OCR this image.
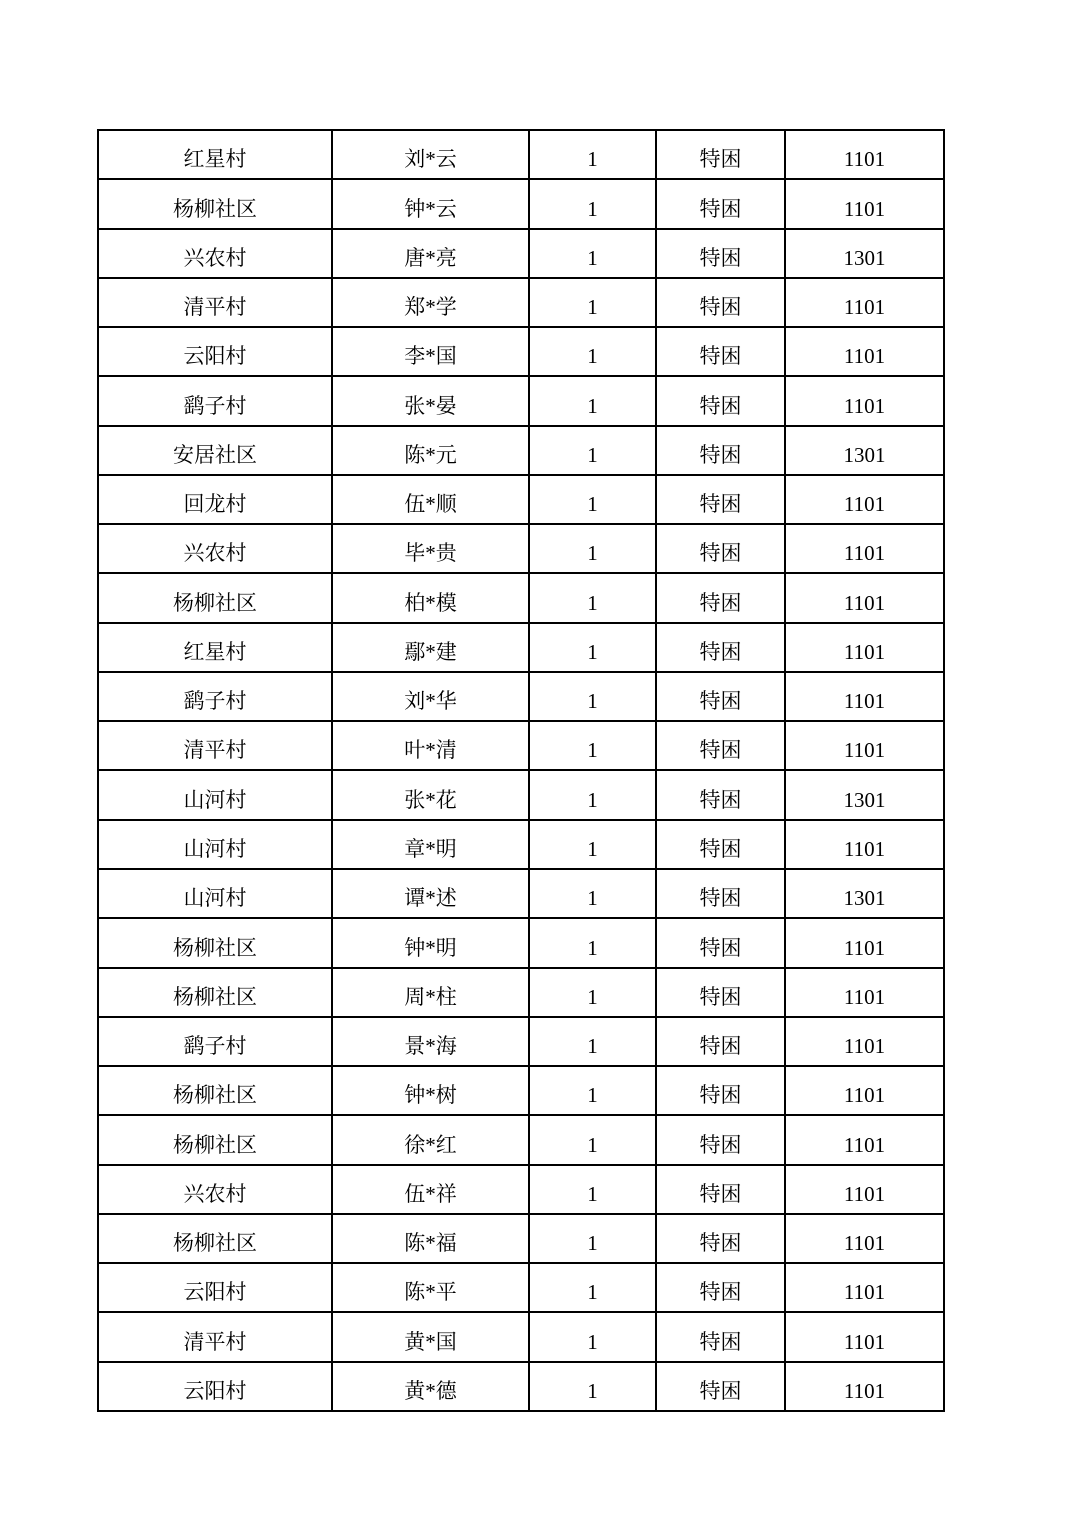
红星村	刘*云	1	特困	1101
杨柳社区	钟*云	1	特困	1101
兴农村	唐*亮	1	特困	1301
清平村	郑*学	1	特困	1101
云阳村	李*国	1	特困	1101
鹞子村	张*晏	1	特困	1101
安居社区	陈*元	1	特困	1301
回龙村	伍*顺	1	特困	1101
兴农村	毕*贵	1	特困	1101
杨柳社区	柏*模	1	特困	1101
红星村	鄢*建	1	特困	1101
鹞子村	刘*华	1	特困	1101
清平村	叶*清	1	特困	1101
山河村	张*花	1	特困	1301
山河村	章*明	1	特困	1101
山河村	谭*述	1	特困	1301
杨柳社区	钟*明	1	特困	1101
杨柳社区	周*柱	1	特困	1101
鹞子村	景*海	1	特困	1101
杨柳社区	钟*树	1	特困	1101
杨柳社区	徐*红	1	特困	1101
兴农村	伍*祥	1	特困	1101
杨柳社区	陈*福	1	特困	1101
云阳村	陈*平	1	特困	1101
清平村	黄*国	1	特困	1101
云阳村	黄*德	1	特困	1101
